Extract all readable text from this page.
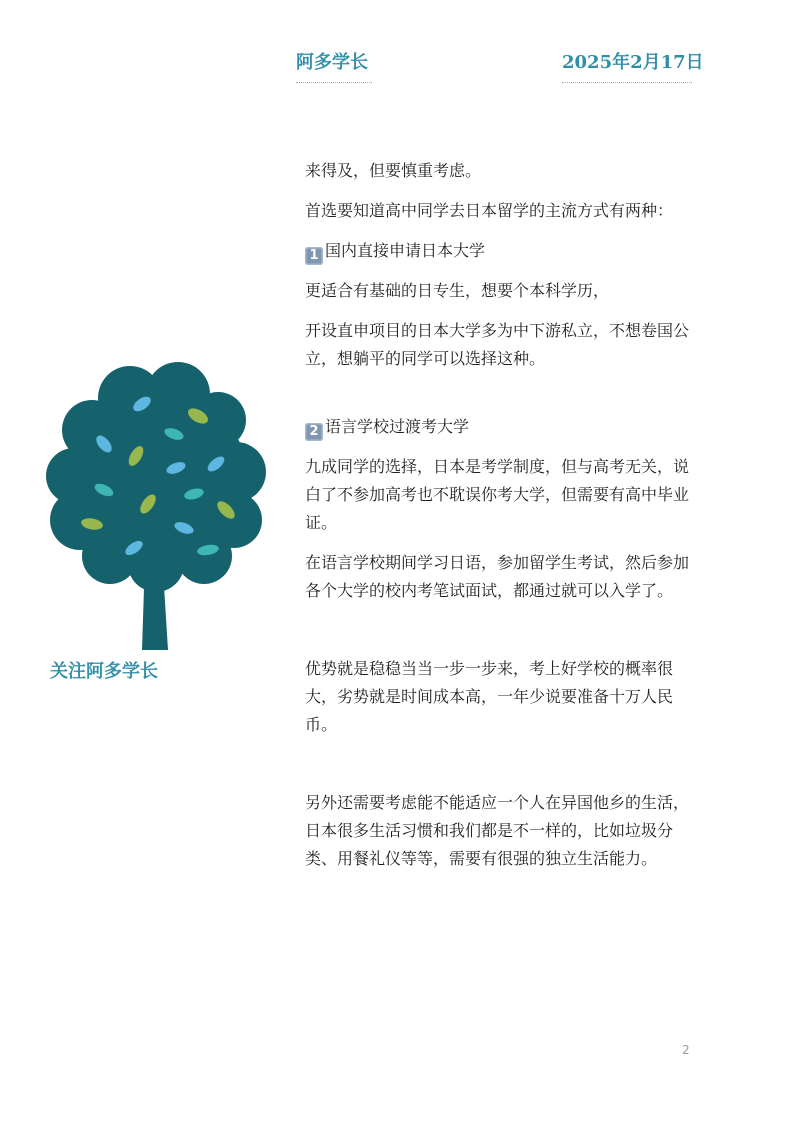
阿多学长	2025年2月17日
关注阿多学长

来得及，但要慎重考虑。

首选要知道高中同学去日本留学的主流方式有两种：

1 国内直接申请日本大学

更适合有基础的日专生，想要个本科学历，

开设直申项目的日本大学多为中下游私立，不想卷国公立，想躺平的同学可以选择这种。

2 语言学校过渡考大学

九成同学的选择，日本是考学制度，但与高考无关，说白了不参加高考也不耽误你考大学，但需要有高中毕业证。

在语言学校期间学习日语，参加留学生考试，然后参加各个大学的校内考笔试面试，都通过就可以入学了。

优势就是稳稳当当一步一步来，考上好学校的概率很大，劣势就是时间成本高，一年少说要准备十万人民币。

另外还需要考虑能不能适应一个人在异国他乡的生活，日本很多生活习惯和我们都是不一样的，比如垃圾分类、用餐礼仪等等，需要有很强的独立生活能力。

2
